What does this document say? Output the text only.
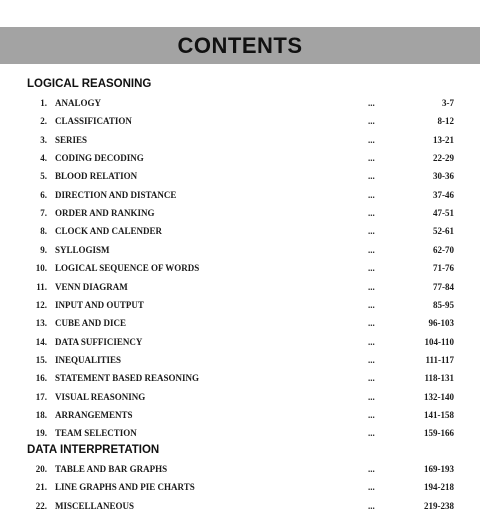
CONTENTS
LOGICAL REASONING
1. ANALOGY	...	3-7
2. CLASSIFICATION	...	8-12
3. SERIES	...	13-21
4. CODING DECODING	...	22-29
5. BLOOD RELATION	...	30-36
6. DIRECTION AND DISTANCE	...	37-46
7. ORDER AND RANKING	...	47-51
8. CLOCK AND CALENDER	...	52-61
9. SYLLOGISM	...	62-70
10. LOGICAL SEQUENCE OF WORDS	...	71-76
11. VENN DIAGRAM	...	77-84
12. INPUT AND OUTPUT	...	85-95
13. CUBE AND DICE	...	96-103
14. DATA SUFFICIENCY	...	104-110
15. INEQUALITIES	...	111-117
16. STATEMENT BASED REASONING	...	118-131
17. VISUAL REASONING	...	132-140
18. ARRANGEMENTS	...	141-158
19. TEAM SELECTION	...	159-166
DATA INTERPRETATION
20. TABLE AND BAR GRAPHS	...	169-193
21. LINE GRAPHS AND PIE CHARTS	...	194-218
22. MISCELLANEOUS	...	219-238
